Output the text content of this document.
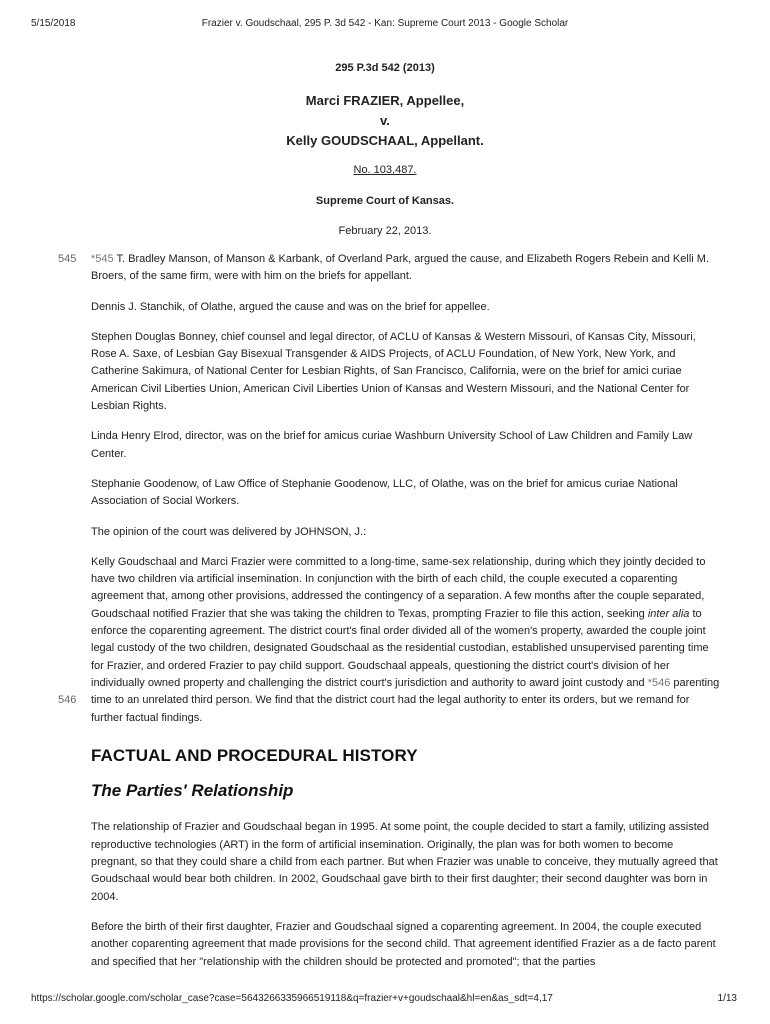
5/15/2018	Frazier v. Goudschaal, 295 P. 3d 542 - Kan: Supreme Court 2013 - Google Scholar
295 P.3d 542 (2013)
Marci FRAZIER, Appellee,
v.
Kelly GOUDSCHAAL, Appellant.
No. 103,487.
Supreme Court of Kansas.
February 22, 2013.

545 *545 T. Bradley Manson, of Manson & Karbank, of Overland Park, argued the cause, and Elizabeth Rogers Rebein and Kelli M. Broers, of the same firm, were with him on the briefs for appellant.

Dennis J. Stanchik, of Olathe, argued the cause and was on the brief for appellee.

Stephen Douglas Bonney, chief counsel and legal director, of ACLU of Kansas & Western Missouri, of Kansas City, Missouri, Rose A. Saxe, of Lesbian Gay Bisexual Transgender & AIDS Projects, of ACLU Foundation, of New York, New York, and Catherine Sakimura, of National Center for Lesbian Rights, of San Francisco, California, were on the brief for amici curiae American Civil Liberties Union, American Civil Liberties Union of Kansas and Western Missouri, and the National Center for Lesbian Rights.

Linda Henry Elrod, director, was on the brief for amicus curiae Washburn University School of Law Children and Family Law Center.

Stephanie Goodenow, of Law Office of Stephanie Goodenow, LLC, of Olathe, was on the brief for amicus curiae National Association of Social Workers.

The opinion of the court was delivered by JOHNSON, J.:

Kelly Goudschaal and Marci Frazier were committed to a long-time, same-sex relationship, during which they jointly decided to have two children via artificial insemination. In conjunction with the birth of each child, the couple executed a coparenting agreement that, among other provisions, addressed the contingency of a separation. A few months after the couple separated, Goudschaal notified Frazier that she was taking the children to Texas, prompting Frazier to file this action, seeking inter alia to enforce the coparenting agreement. The district court's final order divided all of the women's property, awarded the couple joint legal custody of the two children, designated Goudschaal as the residential custodian, established unsupervised parenting time for Frazier, and ordered Frazier to pay child support. Goudschaal appeals, questioning the district court's division of her individually owned property and challenging the district court's jurisdiction and authority to award joint custody and
546
*546 parenting time to an unrelated third person. We find that the district court had the legal authority to enter its orders, but we remand for further factual findings.

FACTUAL AND PROCEDURAL HISTORY
The Parties' Relationship

The relationship of Frazier and Goudschaal began in 1995. At some point, the couple decided to start a family, utilizing assisted reproductive technologies (ART) in the form of artificial insemination. Originally, the plan was for both women to become pregnant, so that they could share a child from each partner. But when Frazier was unable to conceive, they mutually agreed that Goudschaal would bear both children. In 2002, Goudschaal gave birth to their first daughter; their second daughter was born in 2004.

Before the birth of their first daughter, Frazier and Goudschaal signed a coparenting agreement. In 2004, the couple executed another coparenting agreement that made provisions for the second child. That agreement identified Frazier as a de facto parent and specified that her "relationship with the children should be protected and promoted"; that the parties

https://scholar.google.com/scholar_case?case=5643266335966519118&q=frazier+v+goudschaal&hl=en&as_sdt=4,17	1/13
